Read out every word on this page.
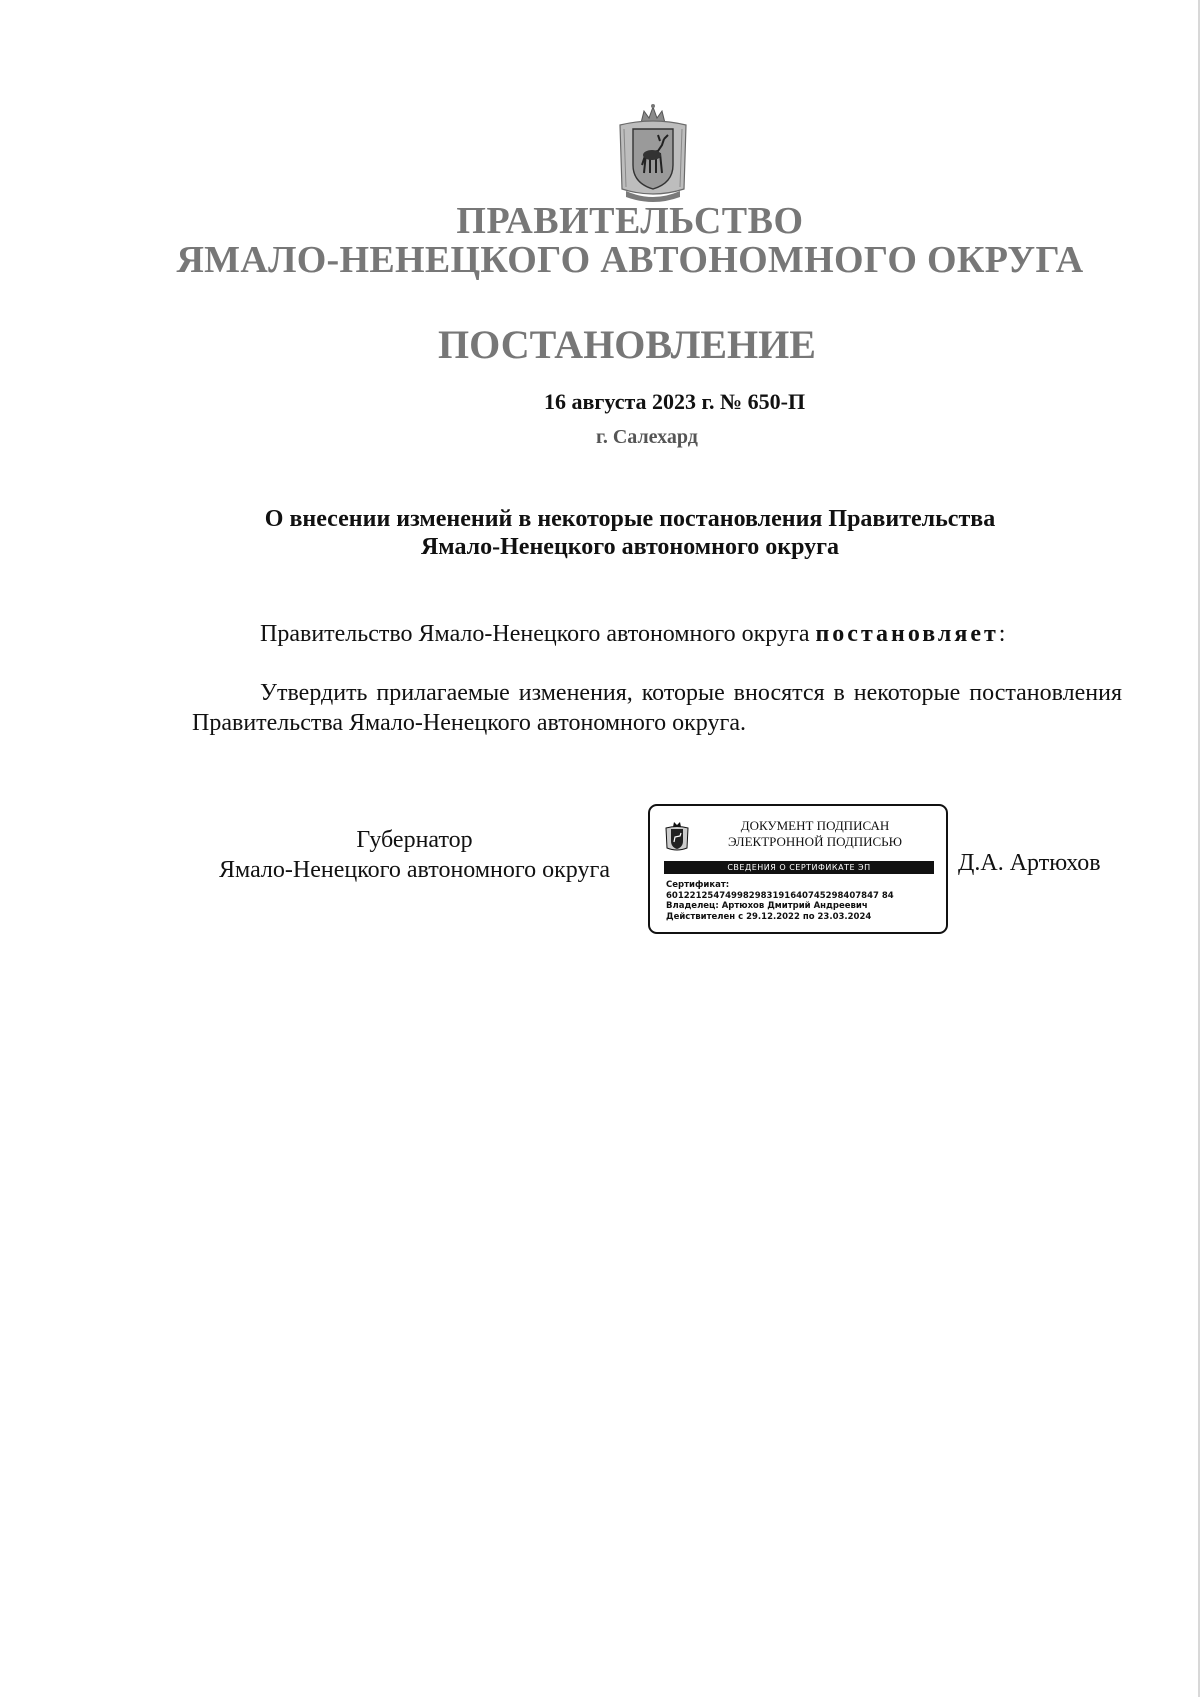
ПРАВИТЕЛЬСТВО
ЯМАЛО-НЕНЕЦКОГО АВТОНОМНОГО ОКРУГА
ПОСТАНОВЛЕНИЕ
16 августа 2023 г. № 650-П
г. Салехард
О внесении изменений в некоторые постановления Правительства
Ямало-Ненецкого автономного округа
Правительство Ямало-Ненецкого автономного округа постановляет:
Утвердить прилагаемые изменения, которые вносятся в некоторые постановления Правительства Ямало-Ненецкого автономного округа.
Губернатор
Ямало-Ненецкого автономного округа
ДОКУМЕНТ ПОДПИСАН
ЭЛЕКТРОННОЙ ПОДПИСЬЮ
СВЕДЕНИЯ О СЕРТИФИКАТЕ ЭП
Сертификат:
601221254749982983191640745298407847 84
Владелец: Артюхов Дмитрий Андреевич
Действителен с 29.12.2022 по 23.03.2024
Д.А. Артюхов
